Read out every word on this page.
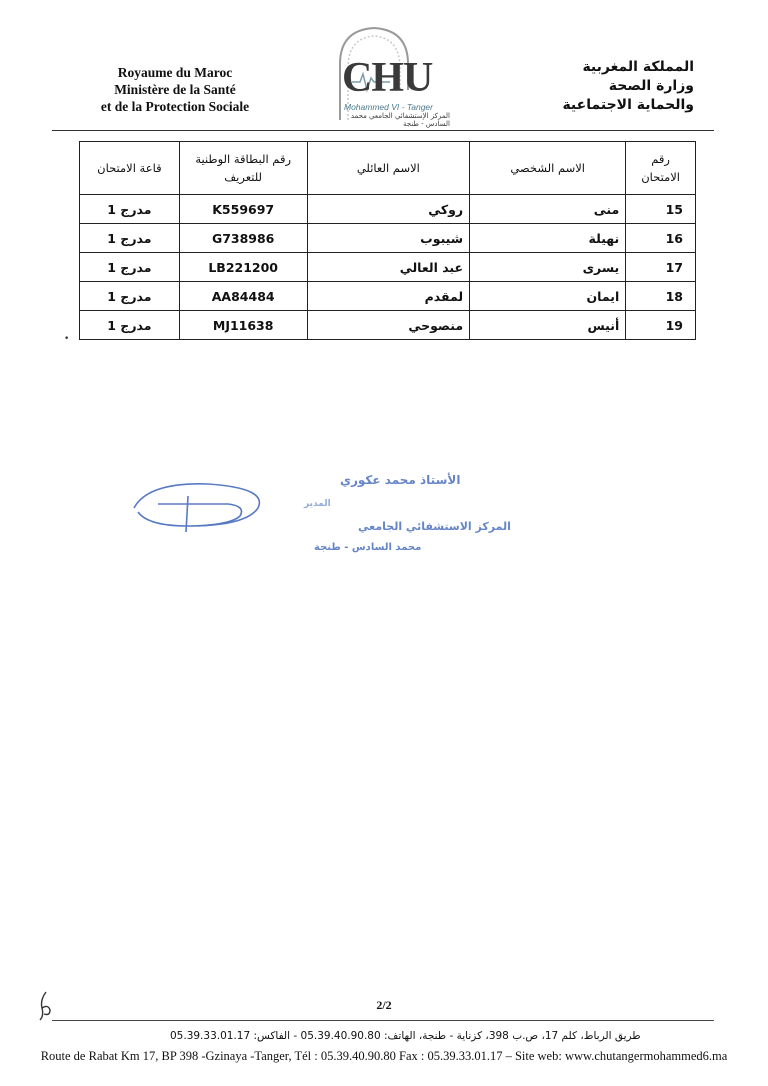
Royaume du Maroc
Ministère de la Santé
et de la Protection Sociale
CHU
Mohammed VI - Tanger
المركز الإستشفائي الجامعي محمد السادس - طنجة
المملكة المغربية
وزارة الصحة
والحماية الاجتماعية
رقم الامتحان	الاسم الشخصي	الاسم العائلي	رقم البطاقة الوطنية للتعريف	قاعة الامتحان
15	منى	روكي	K559697	مدرج 1
16	نهيلة	شيبوب	G738986	مدرج 1
17	يسرى	عبد العالي	LB221200	مدرج 1
18	ايمان	لمقدم	AA84484	مدرج 1
19	أنيس	منصوحي	MJ11638	مدرج 1
•
الأستاذ محمد عكوري
المدير
المركز الاستشفائي الجامعي
محمد السادس - طنجة
2/2
طريق الرباط، كلم 17، ص.ب 398، كزناية - طنجة، الهاتف: 05.39.40.90.80 - الفاكس: 05.39.33.01.17
Route de Rabat Km 17, BP 398 -Gzinaya -Tanger, Tél : 05.39.40.90.80 Fax : 05.39.33.01.17 – Site web: www.chutangermohammed6.ma
